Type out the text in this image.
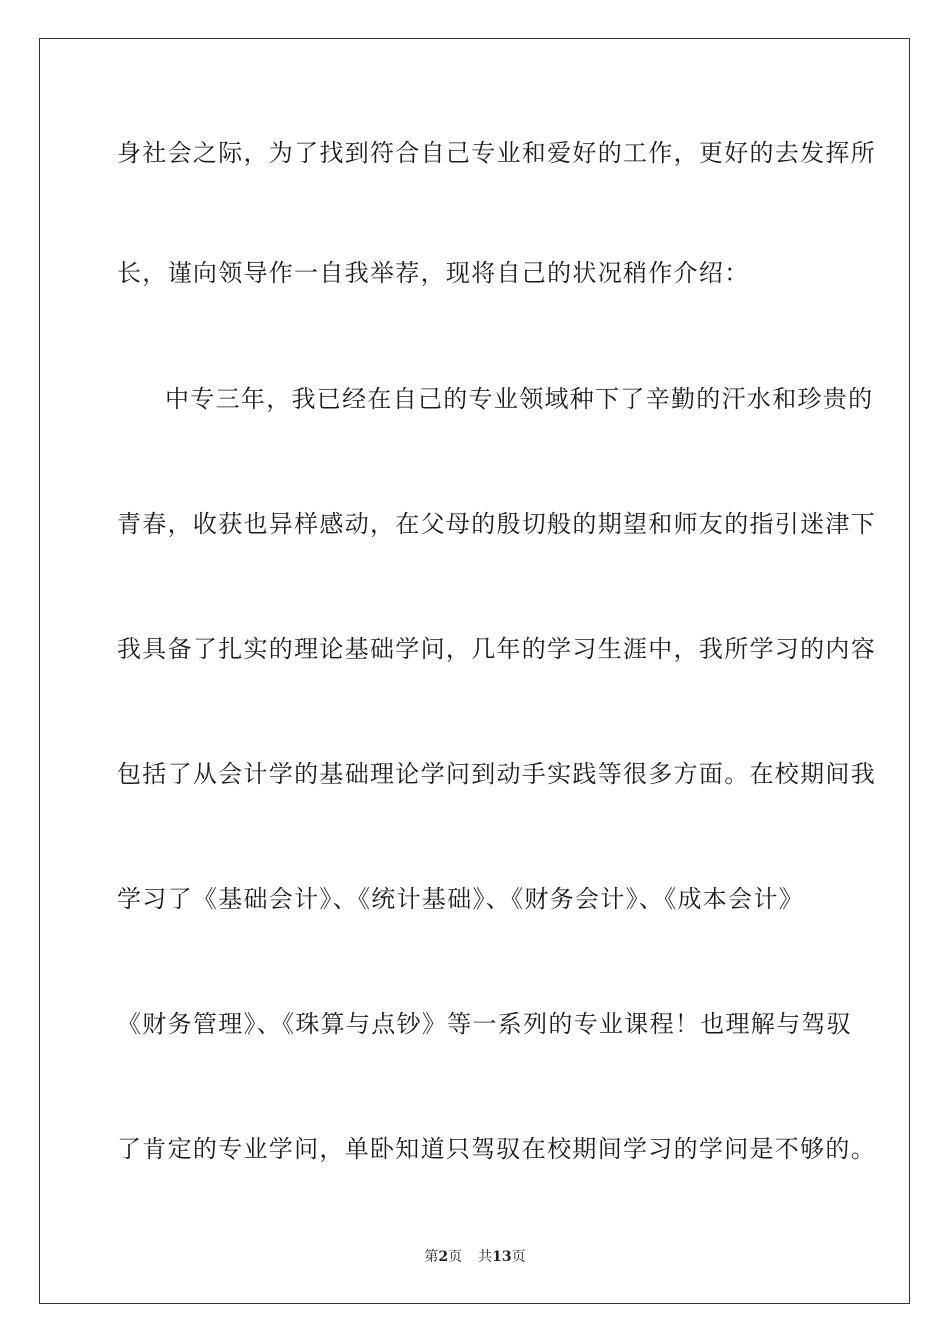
身社会之际，为了找到符合自己专业和爱好的工作，更好的去发挥所
长，谨向领导作一自我举荐，现将自己的状况稍作介绍：
中专三年，我已经在自己的专业领域种下了辛勤的汗水和珍贵的
青春，收获也异样感动，在父母的殷切般的期望和师友的指引迷津下
我具备了扎实的理论基础学问，几年的学习生涯中，我所学习的内容
包括了从会计学的基础理论学问到动手实践等很多方面。在校期间我
学习了《基础会计》、《统计基础》、《财务会计》、《成本会计》
《财务管理》、《珠算与点钞》等一系列的专业课程！也理解与驾驭
了肯定的专业学问，单卧知道只驾驭在校期间学习的学问是不够的。
第2页 共13页
